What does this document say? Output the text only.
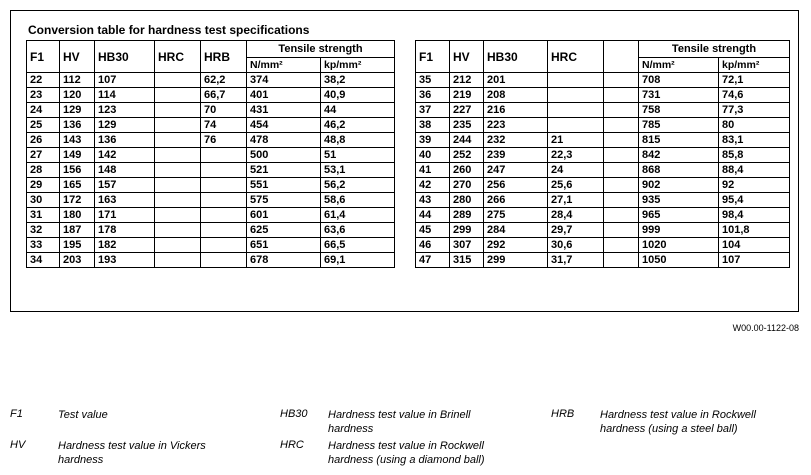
Conversion table for hardness test specifications
F1	HV	HB30	HRC	HRB	Tensile strength	
					N/mm²	kp/mm²
22	112	107		62,2	374	38,2
23	120	114		66,7	401	40,9
24	129	123		70	431	44
25	136	129		74	454	46,2
26	143	136		76	478	48,8
27	149	142			500	51
28	156	148			521	53,1
29	165	157			551	56,2
30	172	163			575	58,6
31	180	171			601	61,4
32	187	178			625	63,6
33	195	182			651	66,5
34	203	193			678	69,1
F1	HV	HB30	HRC		Tensile strength	
					N/mm²	kp/mm²
35	212	201			708	72,1
36	219	208			731	74,6
37	227	216			758	77,3
38	235	223			785	80
39	244	232	21		815	83,1
40	252	239	22,3		842	85,8
41	260	247	24		868	88,4
42	270	256	25,6		902	92
43	280	266	27,1		935	95,4
44	289	275	28,4		965	98,4
45	299	284	29,7		999	101,8
46	307	292	30,6		1020	104
47	315	299	31,7		1050	107
W00.00-1122-08
F1	Test value
HV	Hardness test value in Vickers
hardness
HB30 Hardness test value in Brinell
hardness
HRC Hardness test value in Rockwell
hardness (using a diamond ball)
HRB Hardness test value in Rockwell
hardness (using a steel ball)
